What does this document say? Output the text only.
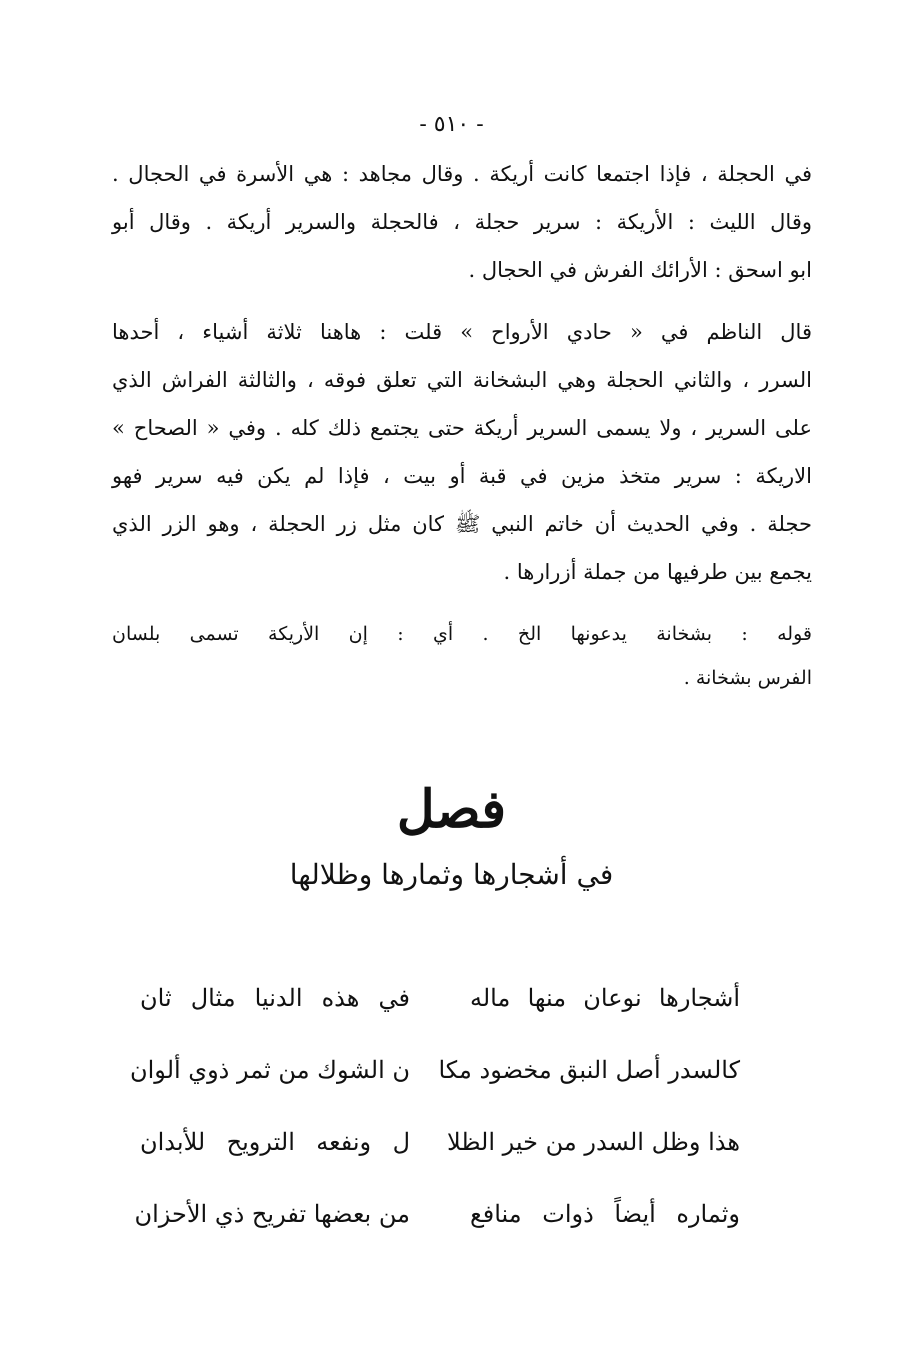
- ٥١٠ -
في الحجلة ، فإذا اجتمعا كانت أريكة . وقال مجاهد : هي الأسرة في الحجال .
وقال الليث : الأريكة : سرير حجلة ، فالحجلة والسرير أريكة . وقال أبو
ابو اسحق : الأرائك الفرش في الحجال .
قال الناظم في « حادي الأرواح » قلت : هاهنا ثلاثة أشياء ، أحدها
السرر ، والثاني الحجلة وهي البشخانة التي تعلق فوقه ، والثالثة الفراش الذي
على السرير ، ولا يسمى السرير أريكة حتى يجتمع ذلك كله . وفي « الصحاح »
الاريكة : سرير متخذ مزين في قبة أو بيت ، فإذا لم يكن فيه سرير فهو
حجلة . وفي الحديث أن خاتم النبي ﷺ كان مثل زر الحجلة ، وهو الزر الذي
يجمع بين طرفيها من جملة أزرارها .
قوله : بشخانة يدعونها الخ . أي : إن الأريكة تسمى بلسان
الفرس بشخانة .
فصل
في أشجارها وثمارها وظلالها
أشجارها نوعان منها ماله
في هذه الدنيا مثال ثان
كالسدر أصل النبق مخضود مكا
ن الشوك من ثمر ذوي ألوان
هذا وظل السدر من خير الظلا
ل ونفعه الترويح للأبدان
وثماره أيضاً ذوات منافع
من بعضها تفريح ذي الأحزان
